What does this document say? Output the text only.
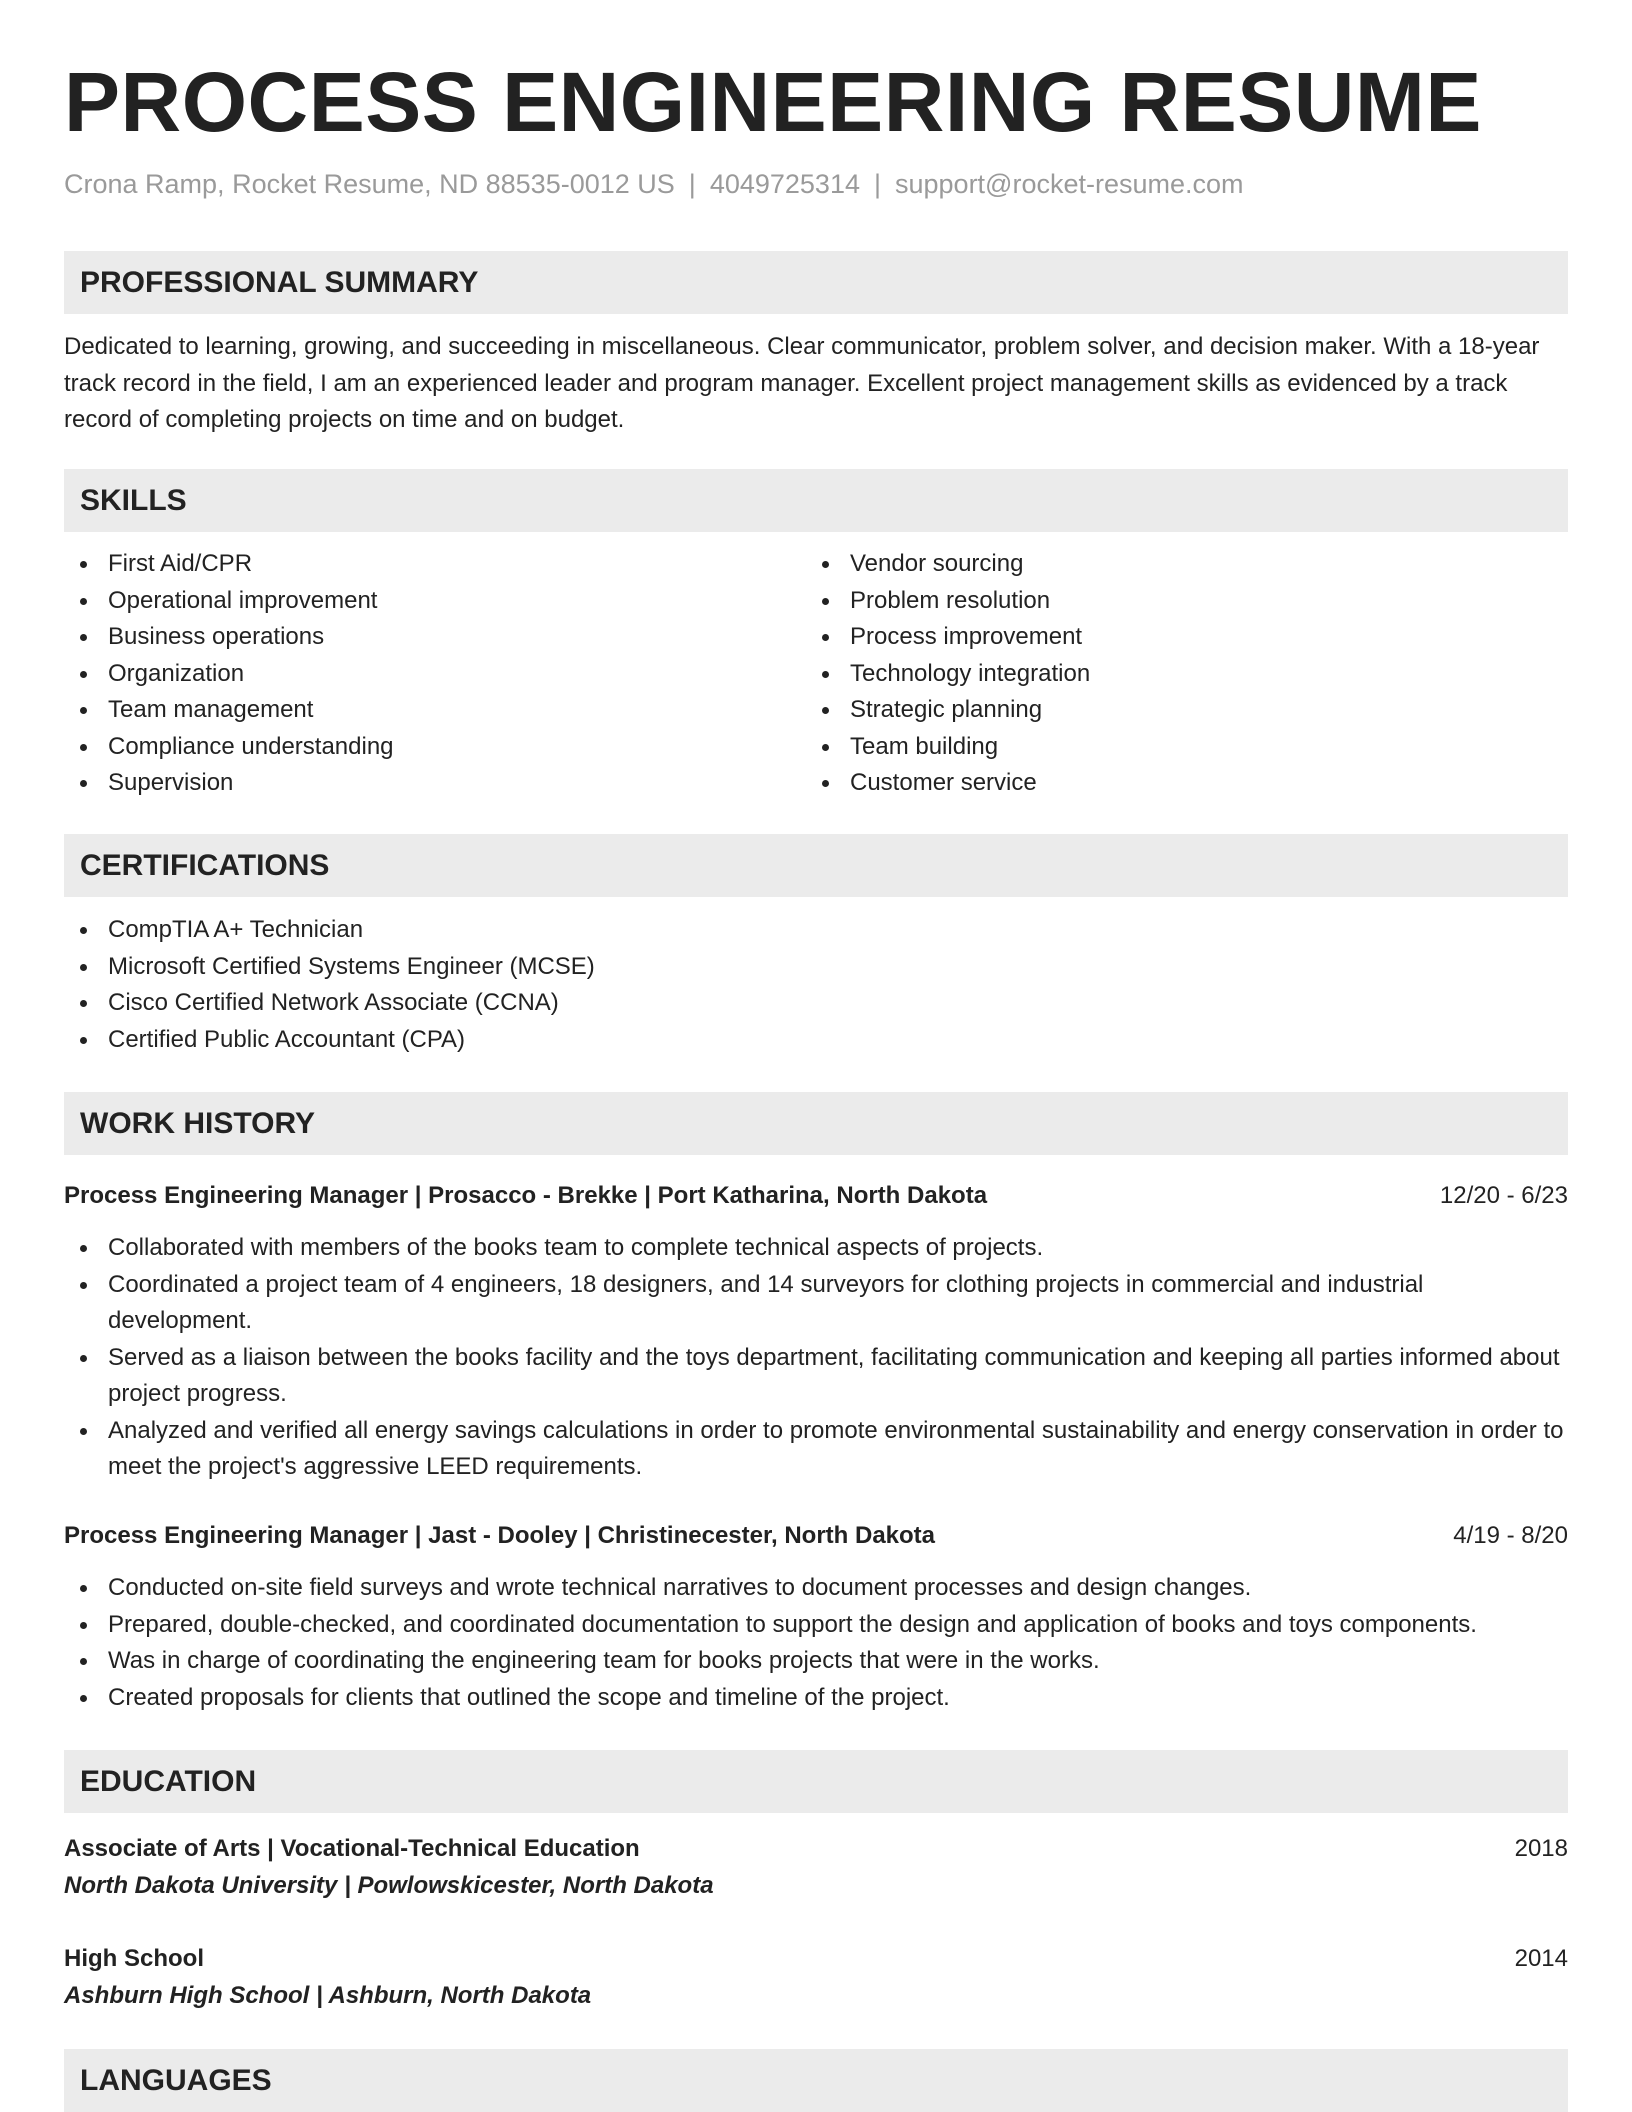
PROCESS ENGINEERING RESUME
Crona Ramp, Rocket Resume, ND 88535-0012 US | 4049725314 | support@rocket-resume.com
PROFESSIONAL SUMMARY

Dedicated to learning, growing, and succeeding in miscellaneous. Clear communicator, problem solver, and decision maker. With a 18-year track record in the field, I am an experienced leader and program manager. Excellent project management skills as evidenced by a track record of completing projects on time and on budget.

SKILLS
First Aid/CPR
Operational improvement
Business operations
Organization
Team management
Compliance understanding
Supervision
Vendor sourcing
Problem resolution
Process improvement
Technology integration
Strategic planning
Team building
Customer service
CERTIFICATIONS
CompTIA A+ Technician
Microsoft Certified Systems Engineer (MCSE)
Cisco Certified Network Associate (CCNA)
Certified Public Accountant (CPA)
WORK HISTORY
Process Engineering Manager | Prosacco - Brekke | Port Katharina, North Dakota	12/20 - 6/23
Collaborated with members of the books team to complete technical aspects of projects.
Coordinated a project team of 4 engineers, 18 designers, and 14 surveyors for clothing projects in commercial and industrial development.
Served as a liaison between the books facility and the toys department, facilitating communication and keeping all parties informed about project progress.
Analyzed and verified all energy savings calculations in order to promote environmental sustainability and energy conservation in order to meet the project's aggressive LEED requirements.
Process Engineering Manager | Jast - Dooley | Christinecester, North Dakota	4/19 - 8/20
Conducted on-site field surveys and wrote technical narratives to document processes and design changes.
Prepared, double-checked, and coordinated documentation to support the design and application of books and toys components.
Was in charge of coordinating the engineering team for books projects that were in the works.
Created proposals for clients that outlined the scope and timeline of the project.
EDUCATION
Associate of Arts | Vocational-Technical Education	2018
North Dakota University | Powlowskicester, North Dakota
High School	2014
Ashburn High School | Ashburn, North Dakota
LANGUAGES
